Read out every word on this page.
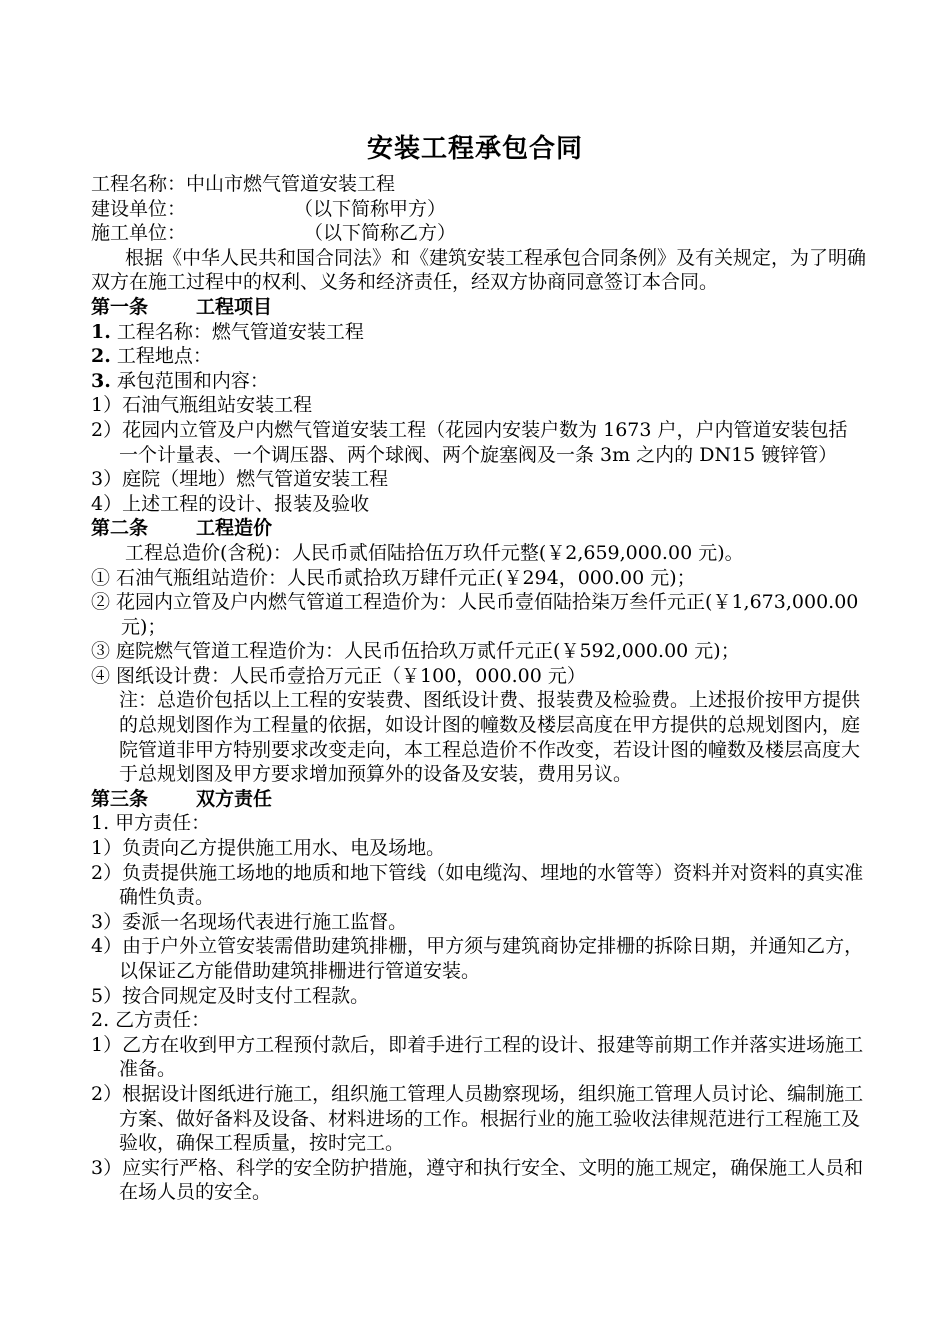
安装工程承包合同
工程名称：中山市燃气管道安装工程
建设单位：	（以下简称甲方）
施工单位：	（以下简称乙方）
根据《中华人民共和国合同法》和《建筑安装工程承包合同条例》及有关规定，为了明确双方在施工过程中的权利、义务和经济责任，经双方协商同意签订本合同。
第一条	工程项目
1. 工程名称：燃气管道安装工程
2. 工程地点：
3. 承包范围和内容：
1）石油气瓶组站安装工程
2）花园内立管及户内燃气管道安装工程（花园内安装户数为 1673 户，户内管道安装包括一个计量表、一个调压器、两个球阀、两个旋塞阀及一条 3m 之内的 DN15 镀锌管）
3）庭院（埋地）燃气管道安装工程
4）上述工程的设计、报装及验收
第二条	工程造价
工程总造价(含税)：人民币贰佰陆拾伍万玖仟元整(￥2,659,000.00 元)。
① 石油气瓶组站造价：人民币贰拾玖万肆仟元正(￥294，000.00 元)；
② 花园内立管及户内燃气管道工程造价为：人民币壹佰陆拾柒万叁仟元正(￥1,673,000.00 元)；
③ 庭院燃气管道工程造价为：人民币伍拾玖万贰仟元正(￥592,000.00 元)；
④ 图纸设计费：人民币壹拾万元正（￥100，000.00 元）
注：总造价包括以上工程的安装费、图纸设计费、报装费及检验费。上述报价按甲方提供的总规划图作为工程量的依据，如设计图的幢数及楼层高度在甲方提供的总规划图内，庭院管道非甲方特别要求改变走向，本工程总造价不作改变，若设计图的幢数及楼层高度大于总规划图及甲方要求增加预算外的设备及安装，费用另议。
第三条	双方责任
1. 甲方责任：
1）负责向乙方提供施工用水、电及场地。
2）负责提供施工场地的地质和地下管线（如电缆沟、埋地的水管等）资料并对资料的真实准确性负责。
3）委派一名现场代表进行施工监督。
4）由于户外立管安装需借助建筑排栅，甲方须与建筑商协定排栅的拆除日期，并通知乙方，以保证乙方能借助建筑排栅进行管道安装。
5）按合同规定及时支付工程款。
2. 乙方责任：
1）乙方在收到甲方工程预付款后，即着手进行工程的设计、报建等前期工作并落实进场施工准备。
2）根据设计图纸进行施工，组织施工管理人员勘察现场，组织施工管理人员讨论、编制施工方案、做好备料及设备、材料进场的工作。根据行业的施工验收法律规范进行工程施工及验收，确保工程质量，按时完工。
3）应实行严格、科学的安全防护措施，遵守和执行安全、文明的施工规定，确保施工人员和在场人员的安全。
